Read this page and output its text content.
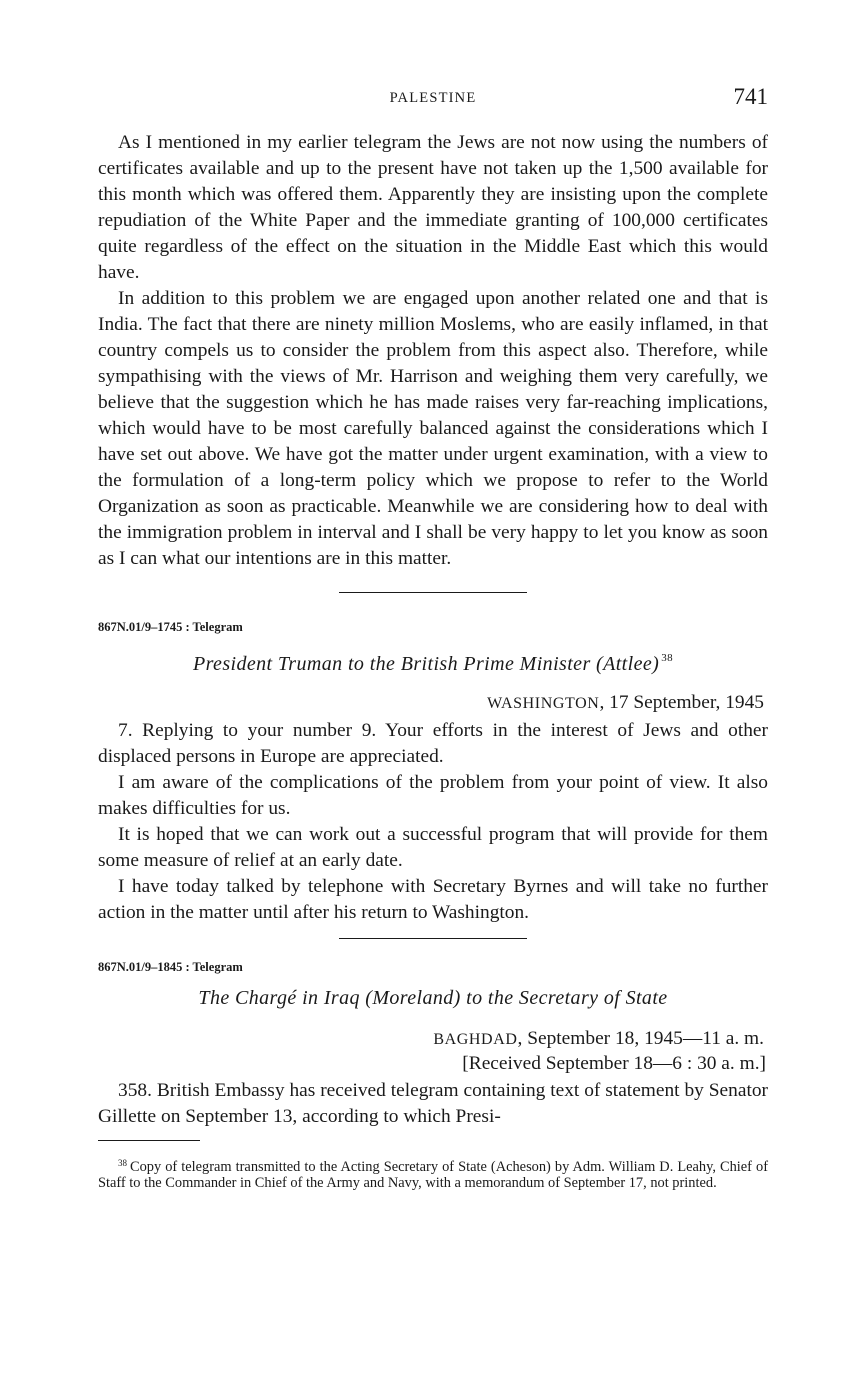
PALESTINE	741

As I mentioned in my earlier telegram the Jews are not now using the numbers of certificates available and up to the present have not taken up the 1,500 available for this month which was offered them. Apparently they are insisting upon the complete repudiation of the White Paper and the immediate granting of 100,000 certificates quite regardless of the effect on the situation in the Middle East which this would have.

In addition to this problem we are engaged upon another related one and that is India. The fact that there are ninety million Moslems, who are easily inflamed, in that country compels us to consider the problem from this aspect also. Therefore, while sympathising with the views of Mr. Harrison and weighing them very carefully, we believe that the suggestion which he has made raises very far-reaching implications, which would have to be most carefully balanced against the considerations which I have set out above. We have got the matter under urgent examination, with a view to the formulation of a long-term policy which we propose to refer to the World Organization as soon as practicable. Meanwhile we are considering how to deal with the immigration problem in interval and I shall be very happy to let you know as soon as I can what our intentions are in this matter.

867N.01/9–1745 : Telegram

President Truman to the British Prime Minister (Attlee) $^{38}$

WASHINGTON, 17 September, 1945

7. Replying to your number 9. Your efforts in the interest of Jews and other displaced persons in Europe are appreciated.

I am aware of the complications of the problem from your point of view. It also makes difficulties for us.

It is hoped that we can work out a successful program that will provide for them some measure of relief at an early date.

I have today talked by telephone with Secretary Byrnes and will take no further action in the matter until after his return to Washington.

867N.01/9–1845 : Telegram

The Chargé in Iraq (Moreland) to the Secretary of State

BAGHDAD, September 18, 1945—11 a. m.

[Received September 18—6 : 30 a. m.]

358. British Embassy has received telegram containing text of statement by Senator Gillette on September 13, according to which Presi-

$^{38}$ Copy of telegram transmitted to the Acting Secretary of State (Acheson) by Adm. William D. Leahy, Chief of Staff to the Commander in Chief of the Army and Navy, with a memorandum of September 17, not printed.
